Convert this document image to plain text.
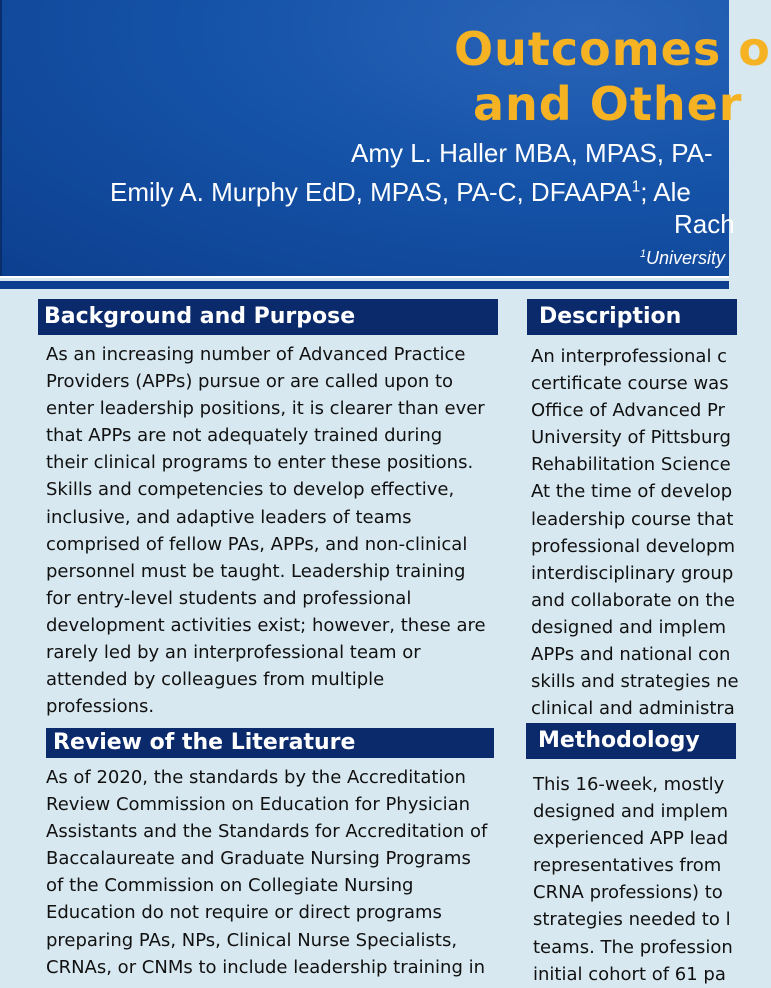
Outcomes o
and Other
Amy L. Haller MBA, MPAS, PA-
Emily A. Murphy EdD, MPAS, PA-C, DFAAPA$^1$; Ale
Rach
$^1$University
Background and Purpose
As an increasing number of Advanced Practice
Providers (APPs) pursue or are called upon to
enter leadership positions, it is clearer than ever
that APPs are not adequately trained during
their clinical programs to enter these positions.
Skills and competencies to develop effective,
inclusive, and adaptive leaders of teams
comprised of fellow PAs, APPs, and non-clinical
personnel must be taught. Leadership training
for entry-level students and professional
development activities exist; however, these are
rarely led by an interprofessional team or
attended by colleagues from multiple
professions.
Review of the Literature
As of 2020, the standards by the Accreditation
Review Commission on Education for Physician
Assistants and the Standards for Accreditation of
Baccalaureate and Graduate Nursing Programs
of the Commission on Collegiate Nursing
Education do not require or direct programs
preparing PAs, NPs, Clinical Nurse Specialists,
CRNAs, or CNMs to include leadership training in
Description
An interprofessional c
certificate course was
Office of Advanced Pr
University of Pittsburg
Rehabilitation Science
At the time of develop
leadership course that
professional developm
interdisciplinary group
and collaborate on the
designed and implem
APPs and national con
skills and strategies ne
clinical and administra
Methodology
This 16-week, mostly
designed and implem
experienced APP lead
representatives from
CRNA professions) to
strategies needed to l
teams. The profession
initial cohort of 61 pa
